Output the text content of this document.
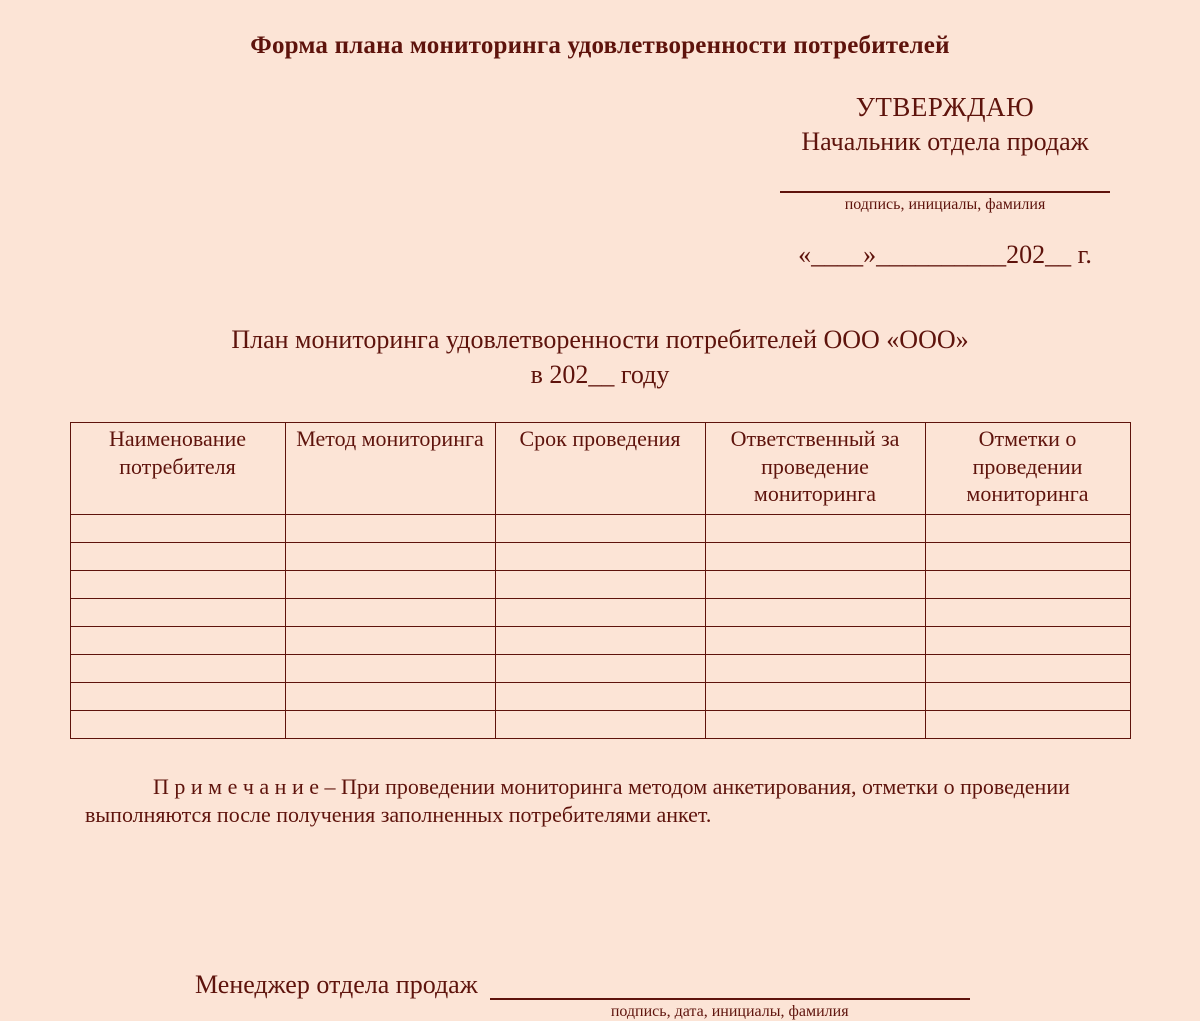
Форма плана мониторинга удовлетворенности потребителей
УТВЕРЖДАЮ
Начальник отдела продаж
подпись, инициалы, фамилия
«____»__________202__ г.
План мониторинга удовлетворенности потребителей ООО «ООО»
в 202__ году
Наименование потребителя	Метод мониторинга	Срок проведения	Ответственный за проведение мониторинга	Отметки о проведении мониторинга

П р и м е ч а н и е – При проведении мониторинга методом анкетирования, отметки о проведении выполняются после получения заполненных потребителями анкет.

Менеджер отдела продаж
подпись, дата, инициалы, фамилия
